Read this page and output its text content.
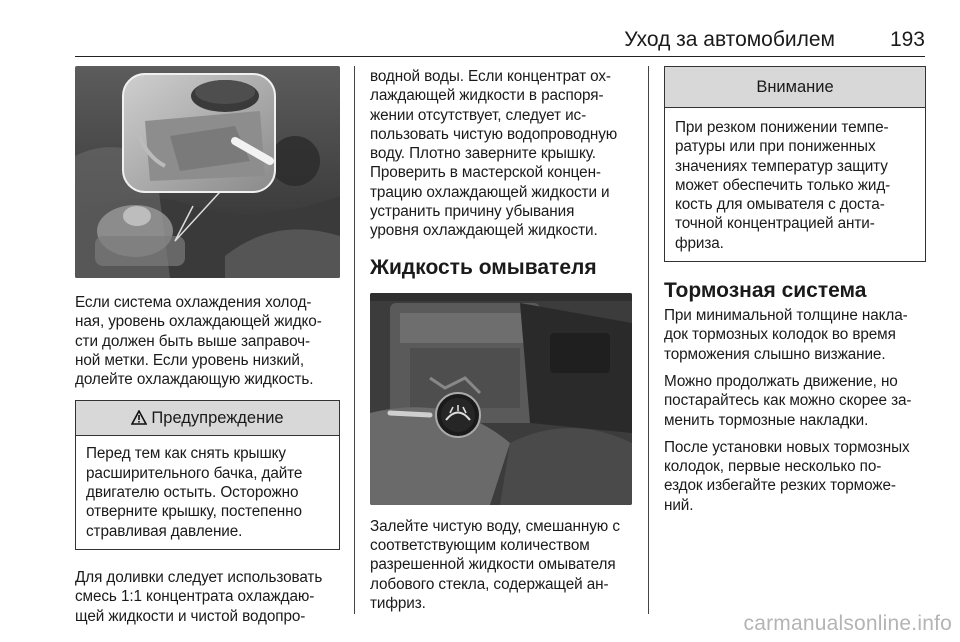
Уход за автомобилем	193

Если система охлаждения холод-

ная, уровень охлаждающей жидко-

сти должен быть выше заправоч-

ной метки. Если уровень низкий,

долейте охлаждающую жидкость.

Предупреждение

Перед тем как снять крышку

расширительного бачка, дайте

двигателю остыть. Осторожно

отверните крышку, постепенно

стравливая давление.

Для доливки следует использовать

смесь 1:1 концентрата охлаждаю-

щей жидкости и чистой водопро-

водной воды. Если концентрат ох-

лаждающей жидкости в распоря-

жении отсутствует, следует ис-

пользовать чистую водопроводную

воду. Плотно заверните крышку.

Проверить в мастерской концен-

трацию охлаждающей жидкости и

устранить причину убывания

уровня охлаждающей жидкости.

Жидкость омывателя

Залейте чистую воду, смешанную с

соответствующим количеством

разрешенной жидкости омывателя

лобового стекла, содержащей ан-

тифриз.

Внимание

При резком понижении темпе-

ратуры или при пониженных

значениях температур защиту

может обеспечить только жид-

кость для омывателя с доста-

точной концентрацией анти-

фриза.

Тормозная система

При минимальной толщине накла-

док тормозных колодок во время

торможения слышно визжание.

Можно продолжать движение, но

постарайтесь как можно скорее за-

менить тормозные накладки.

После установки новых тормозных

колодок, первые несколько по-

ездок избегайте резких торможе-

ний.

carmanualsonline.info
